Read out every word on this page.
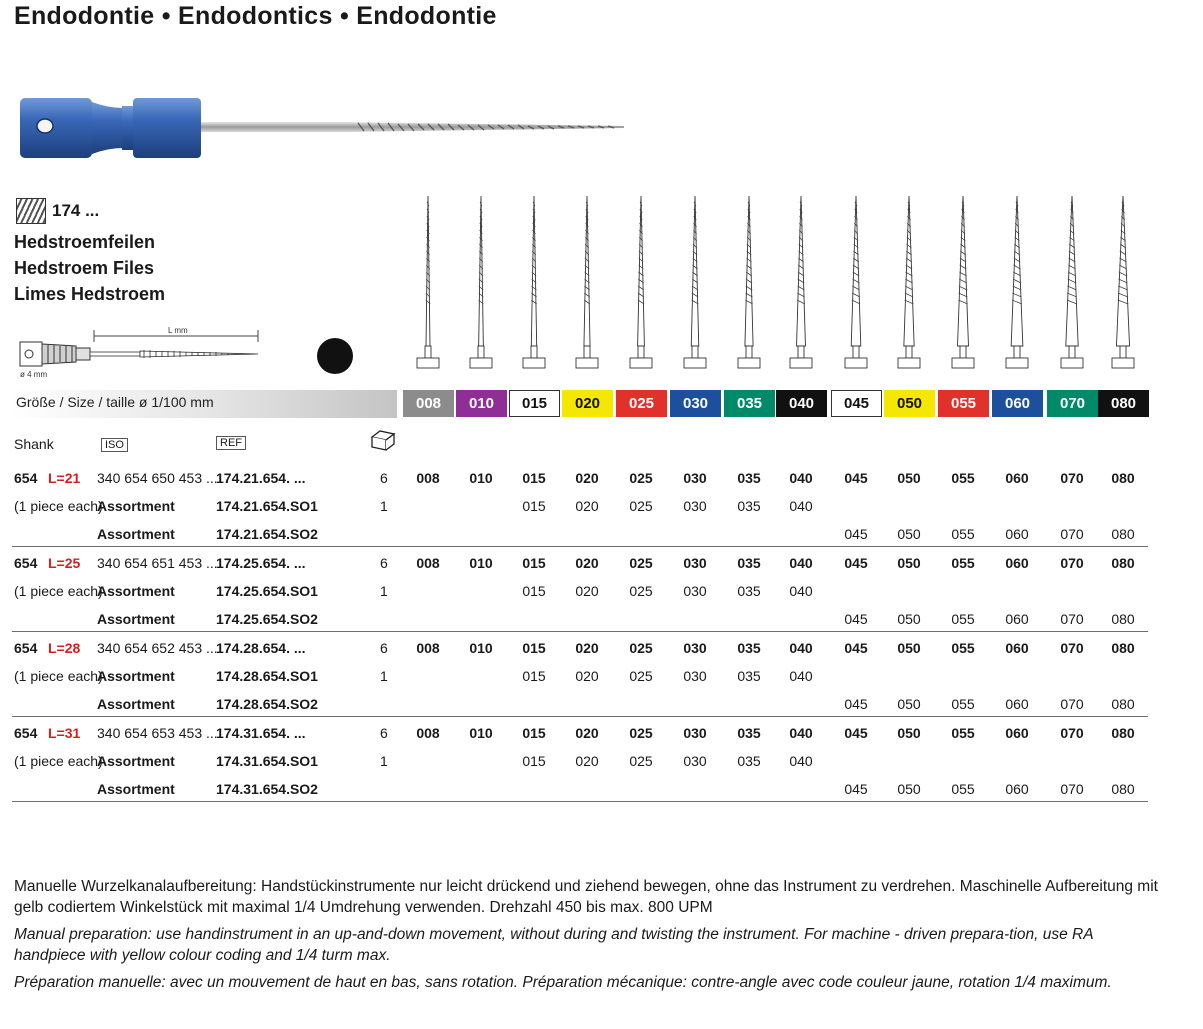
Endodontie • Endodontics • Endodontie
174 ...
Hedstroemfeilen
Hedstroem Files
Limes Hedstroem
L mm
ø 4 mm
Größe / Size / taille ø 1/100 mm	008	010	015	020	025	030	035	040	045	050	055	060	070	080
Shank	ISO	REF
654 L=21 340 654 650 453 ...
174.21.654. ...	6 008 010 015 020 025 030 035 040 045 050 055 060 070 080
(1 piece each)
Assortment	174.21.654.SO1	1	015 020 025 030 035 040
Assortment	174.21.654.SO2	045 050 055 060 070 080
654 L=25 340 654 651 453 ...
174.25.654. ...	6 008 010 015 020 025 030 035 040 045 050 055 060 070 080
(1 piece each)
Assortment	174.25.654.SO1	1	015 020 025 030 035 040
Assortment	174.25.654.SO2	045 050 055 060 070 080
654 L=28 340 654 652 453 ...
174.28.654. ...	6 008 010 015 020 025 030 035 040 045 050 055 060 070 080
(1 piece each)
Assortment	174.28.654.SO1	1	015 020 025 030 035 040
Assortment	174.28.654.SO2	045 050 055 060 070 080
654 L=31 340 654 653 453 ...
174.31.654. ...	6 008 010 015 020 025 030 035 040 045 050 055 060 070 080
(1 piece each)
Assortment	174.31.654.SO1	1	015 020 025 030 035 040
Assortment	174.31.654.SO2	045 050 055 060 070 080
Manuelle Wurzelkanalaufbereitung: Handstückinstrumente nur leicht drückend und ziehend bewegen, ohne das Instrument zu verdrehen. Maschinelle Aufbereitung mit gelb codiertem Winkelstück mit maximal 1/4 Umdrehung verwenden. Drehzahl 450 bis max. 800 UPM
Manual preparation: use handinstrument in an up-and-down movement, without during and twisting the instrument. For machine - driven prepara-tion, use RA handpiece with yellow colour coding and 1/4 turm max.
Préparation manuelle: avec un mouvement de haut en bas, sans rotation. Préparation mécanique: contre-angle avec code couleur jaune, rotation 1/4 maximum.
